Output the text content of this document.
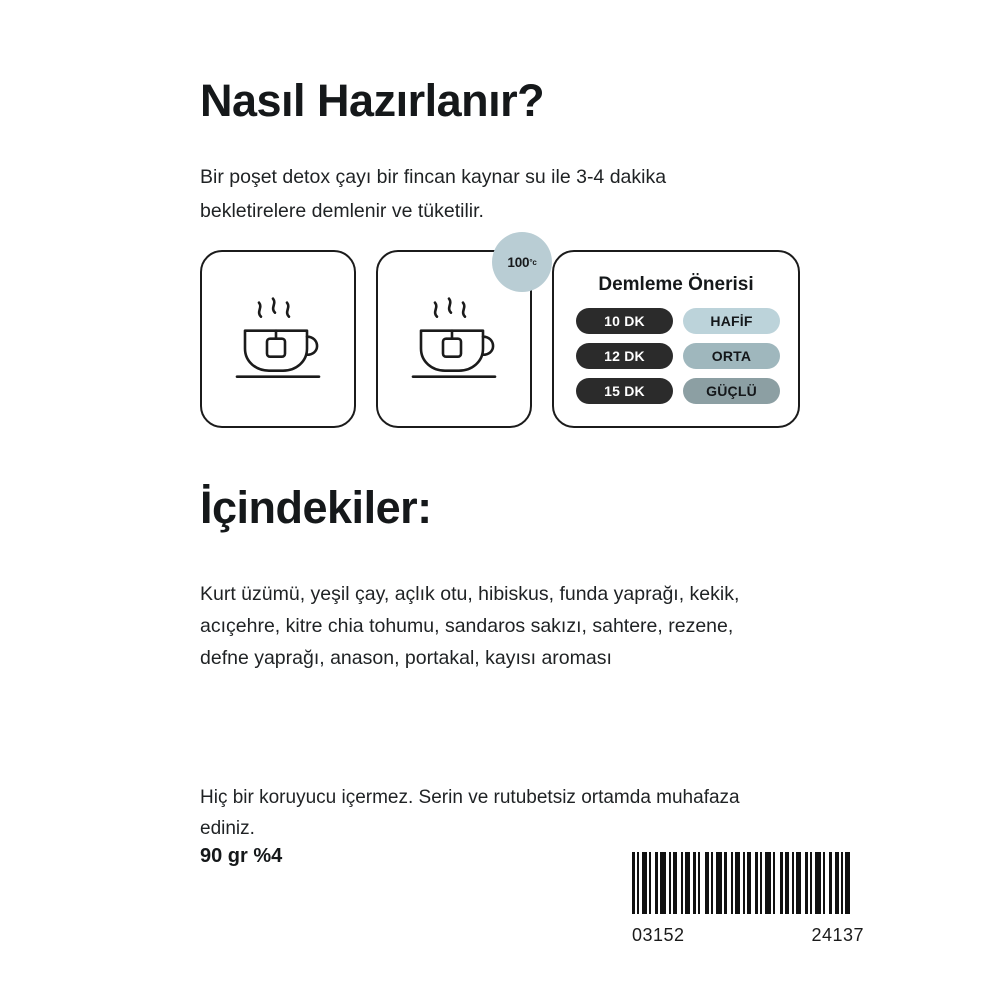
Nasıl Hazırlanır?
Bir poşet detox çayı bir fincan kaynar su ile 3-4 dakika bekletirelere demlenir ve tüketilir.
100 °c
Demleme Önerisi
10 DK	HAFİF
12 DK	ORTA
15 DK	GÜÇLÜ
İçindekiler:
Kurt üzümü, yeşil çay, açlık otu, hibiskus, funda yaprağı, kekik, acıçehre, kitre chia tohumu, sandaros sakızı, sahtere, rezene, defne yaprağı, anason, portakal, kayısı aroması
Hiç bir koruyucu içermez. Serin ve rutubetsiz ortamda muhafaza ediniz.
90 gr %4
03152	24137
